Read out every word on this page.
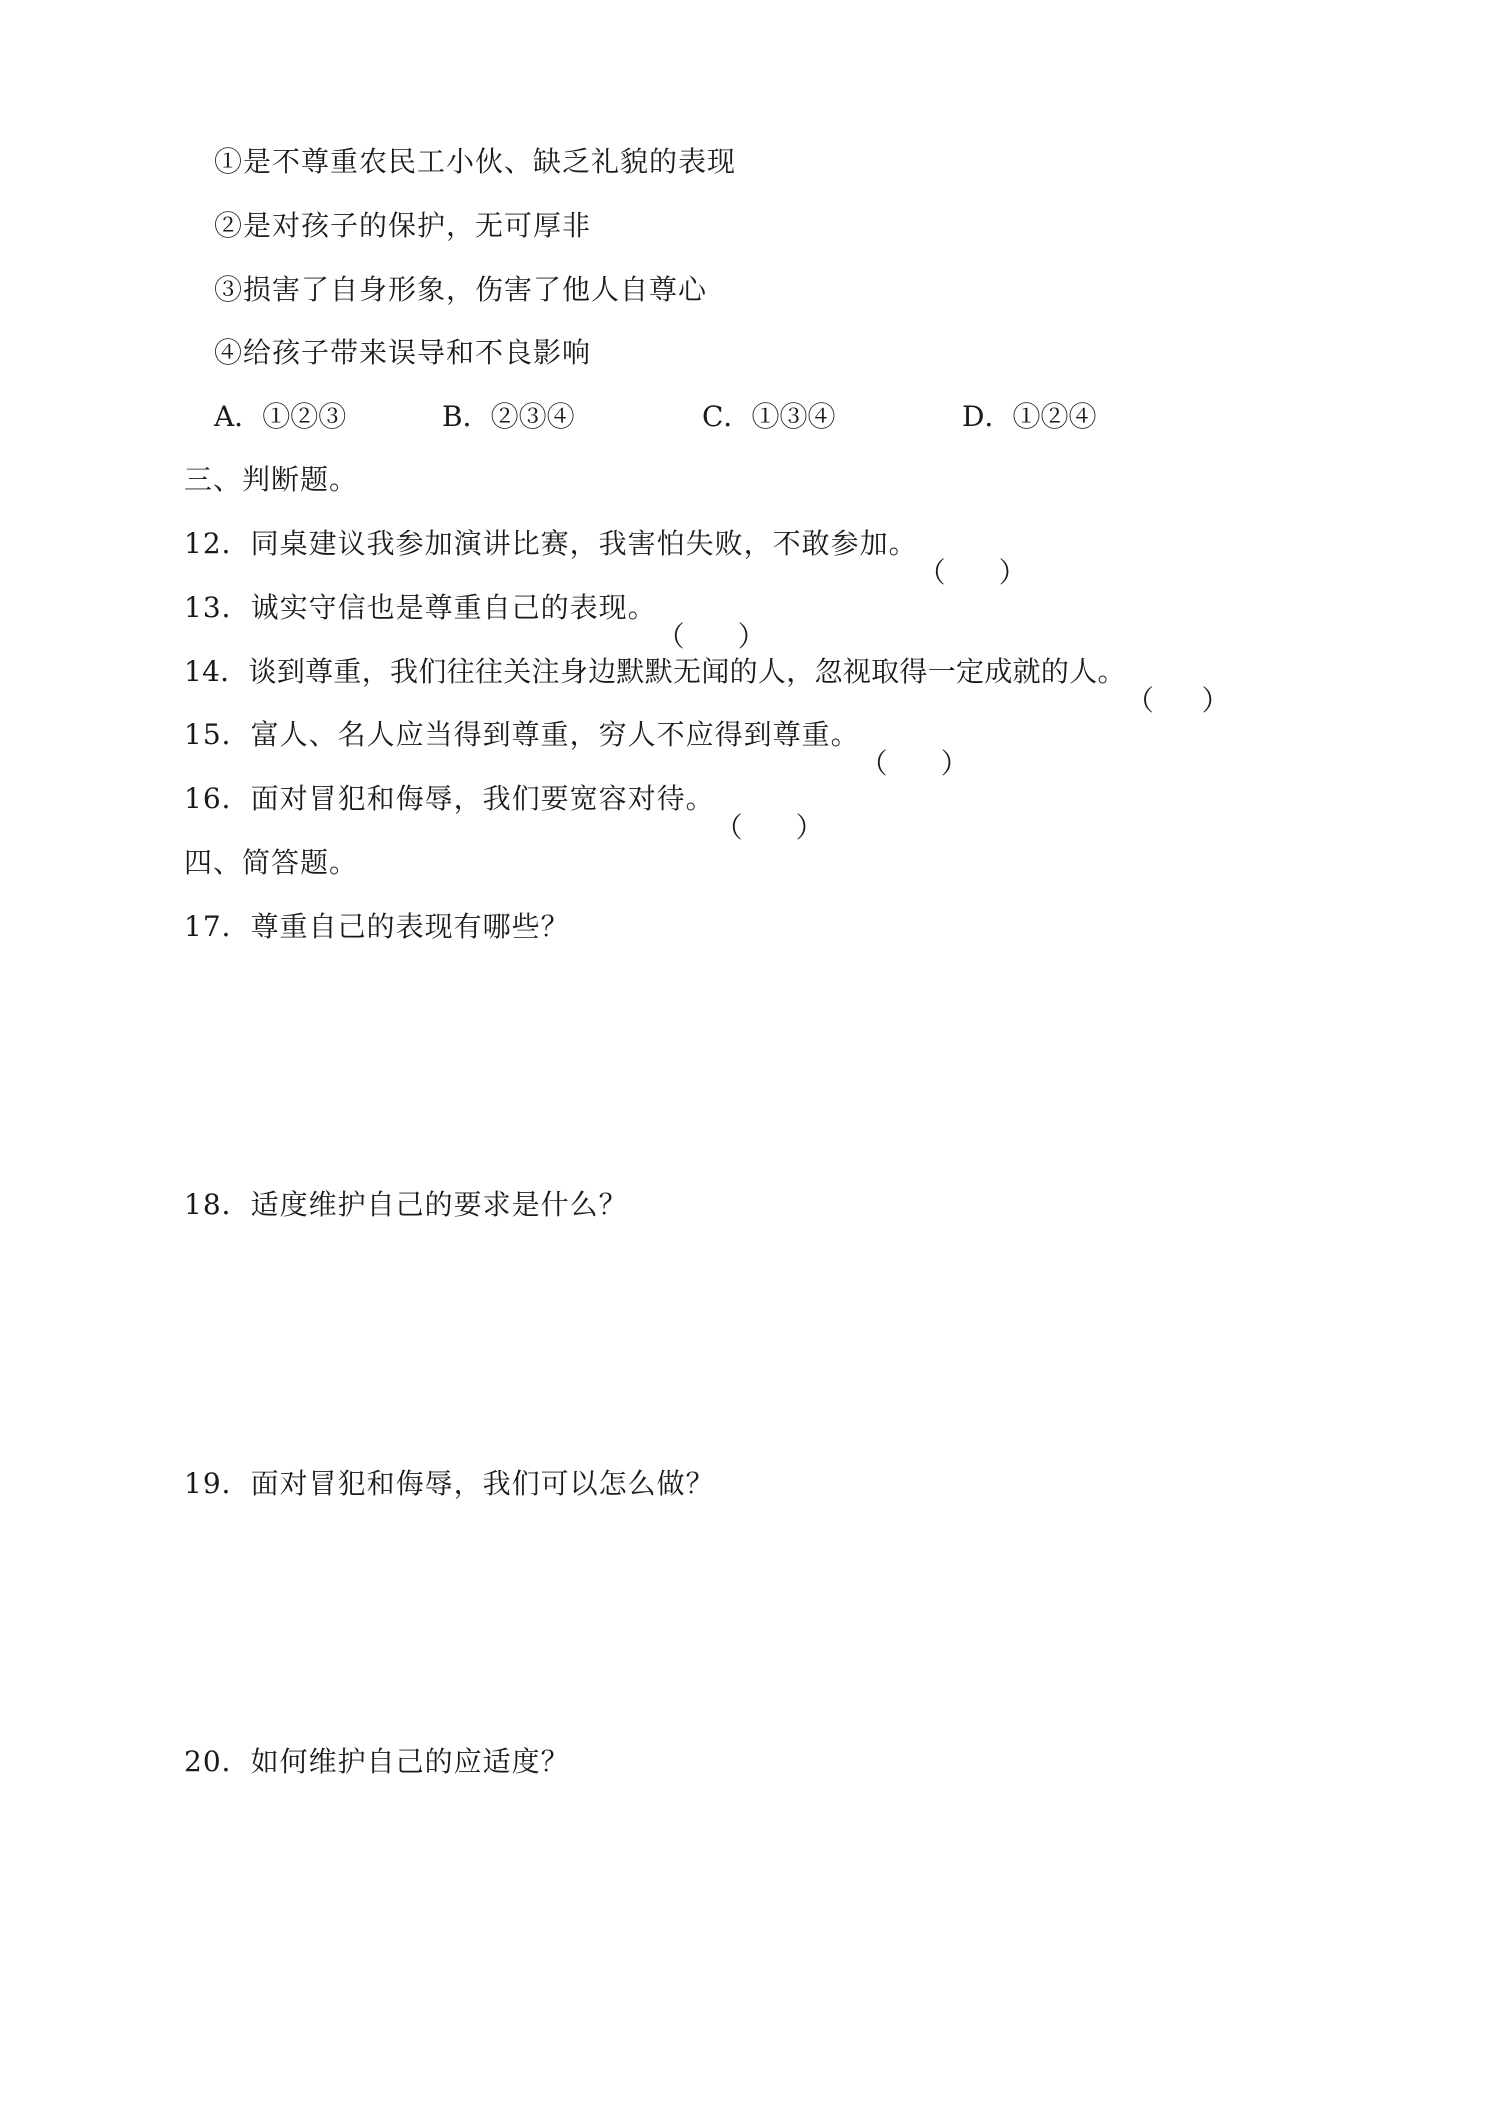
①是不尊重农民工小伙、缺乏礼貌的表现
②是对孩子的保护，无可厚非
③损害了自身形象，伤害了他人自尊心
④给孩子带来误导和不良影响
A．①②③	B．②③④	C．①③④	D．①②④
三、判断题。
12．同桌建议我参加演讲比赛，我害怕失败，不敢参加。
（ ）
13．诚实守信也是尊重自己的表现。
（ ）
14．谈到尊重，我们往往关注身边默默无闻的人，忽视取得一定成就的人。
（ ）
15．富人、名人应当得到尊重，穷人不应得到尊重。
（ ）
16．面对冒犯和侮辱，我们要宽容对待。
（ ）
四、简答题。
17．尊重自己的表现有哪些？
18．适度维护自己的要求是什么？
19．面对冒犯和侮辱，我们可以怎么做？
20．如何维护自己的应适度？
